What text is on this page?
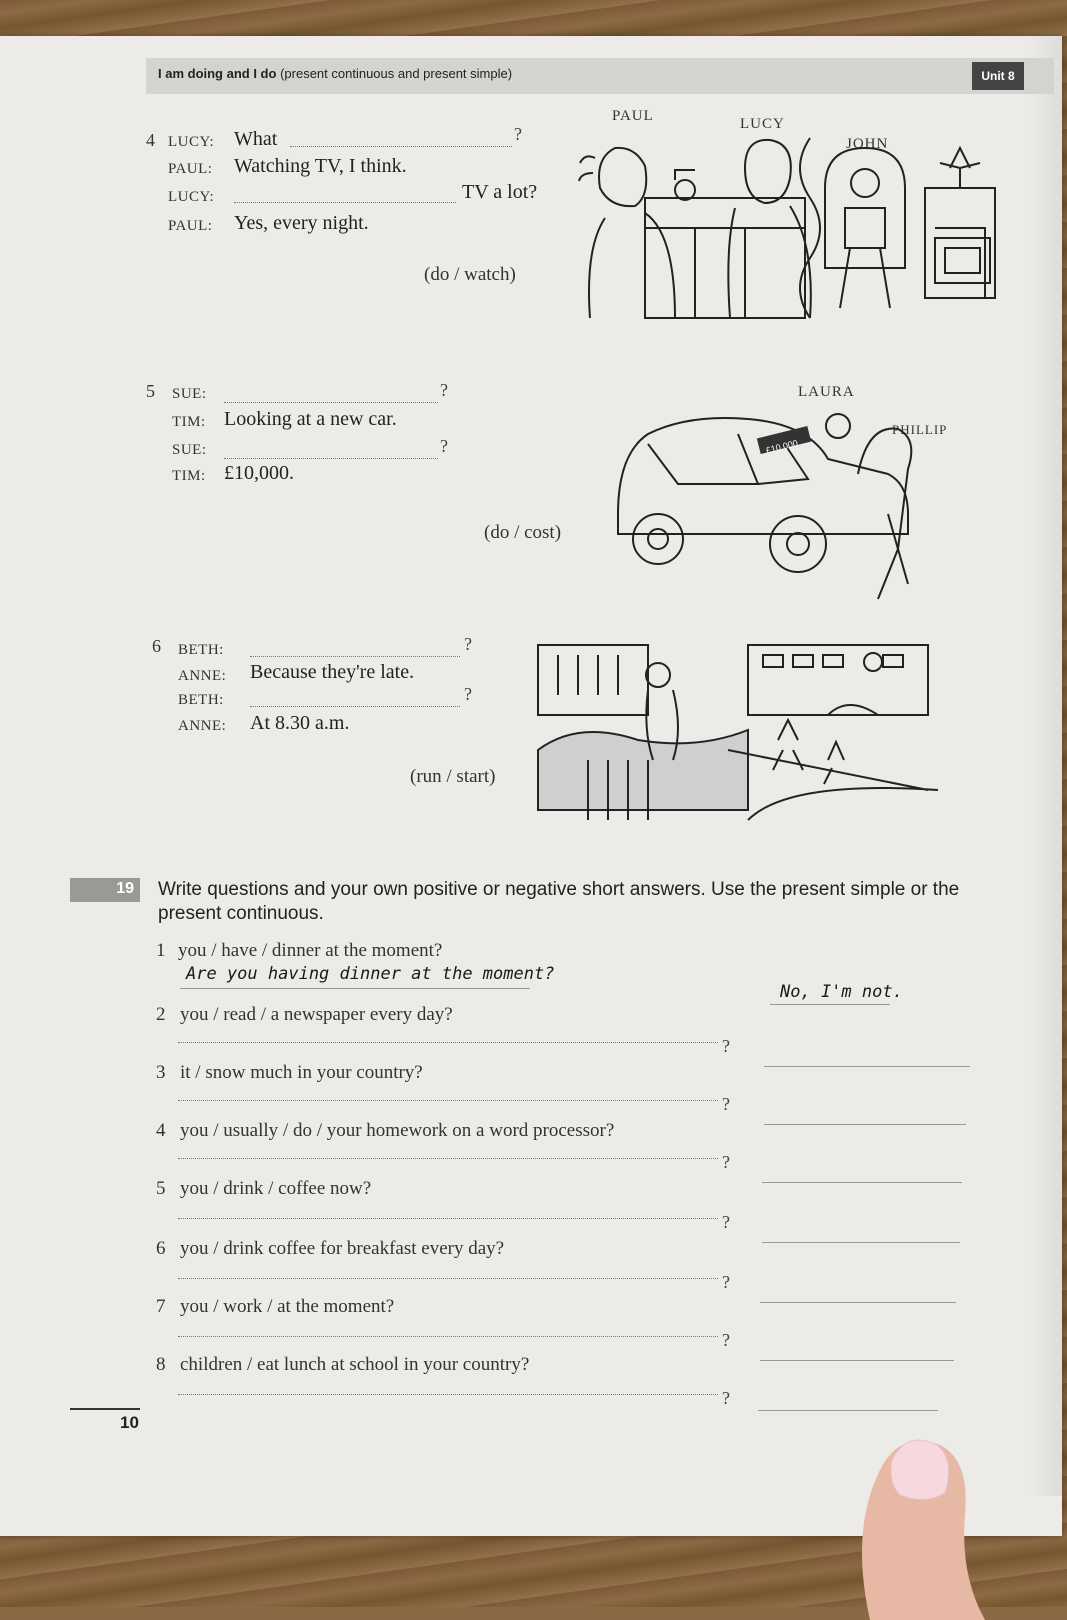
I am doing and I do (present continuous and present simple)	Unit 8
4 LUCY: What	?
PAUL: Watching TV, I think.
LUCY:	TV a lot?
PAUL: Yes, every night.
(do / watch)
PAUL	LUCY
JOHN
5 SUE:	?
TIM: Looking at a new car.
SUE:	?
TIM: £10,000.
(do / cost)
LAURA
PHILLIP
£10,000
6 BETH:	?
ANNE: Because they're late.
BETH:	?
ANNE: At 8.30 a.m.
(run / start)
19 Write questions and your own positive or negative short answers. Use the present simple or the present continuous.
1 you / have / dinner at the moment?
Are you having dinner at the moment?
No, I'm not.
2 you / read / a newspaper every day?
?
3 it / snow much in your country?
?
4 you / usually / do / your homework on a word processor?
?
5 you / drink / coffee now?
?
6 you / drink coffee for breakfast every day?
?
7 you / work / at the moment?
?
8 children / eat lunch at school in your country?
?
10
